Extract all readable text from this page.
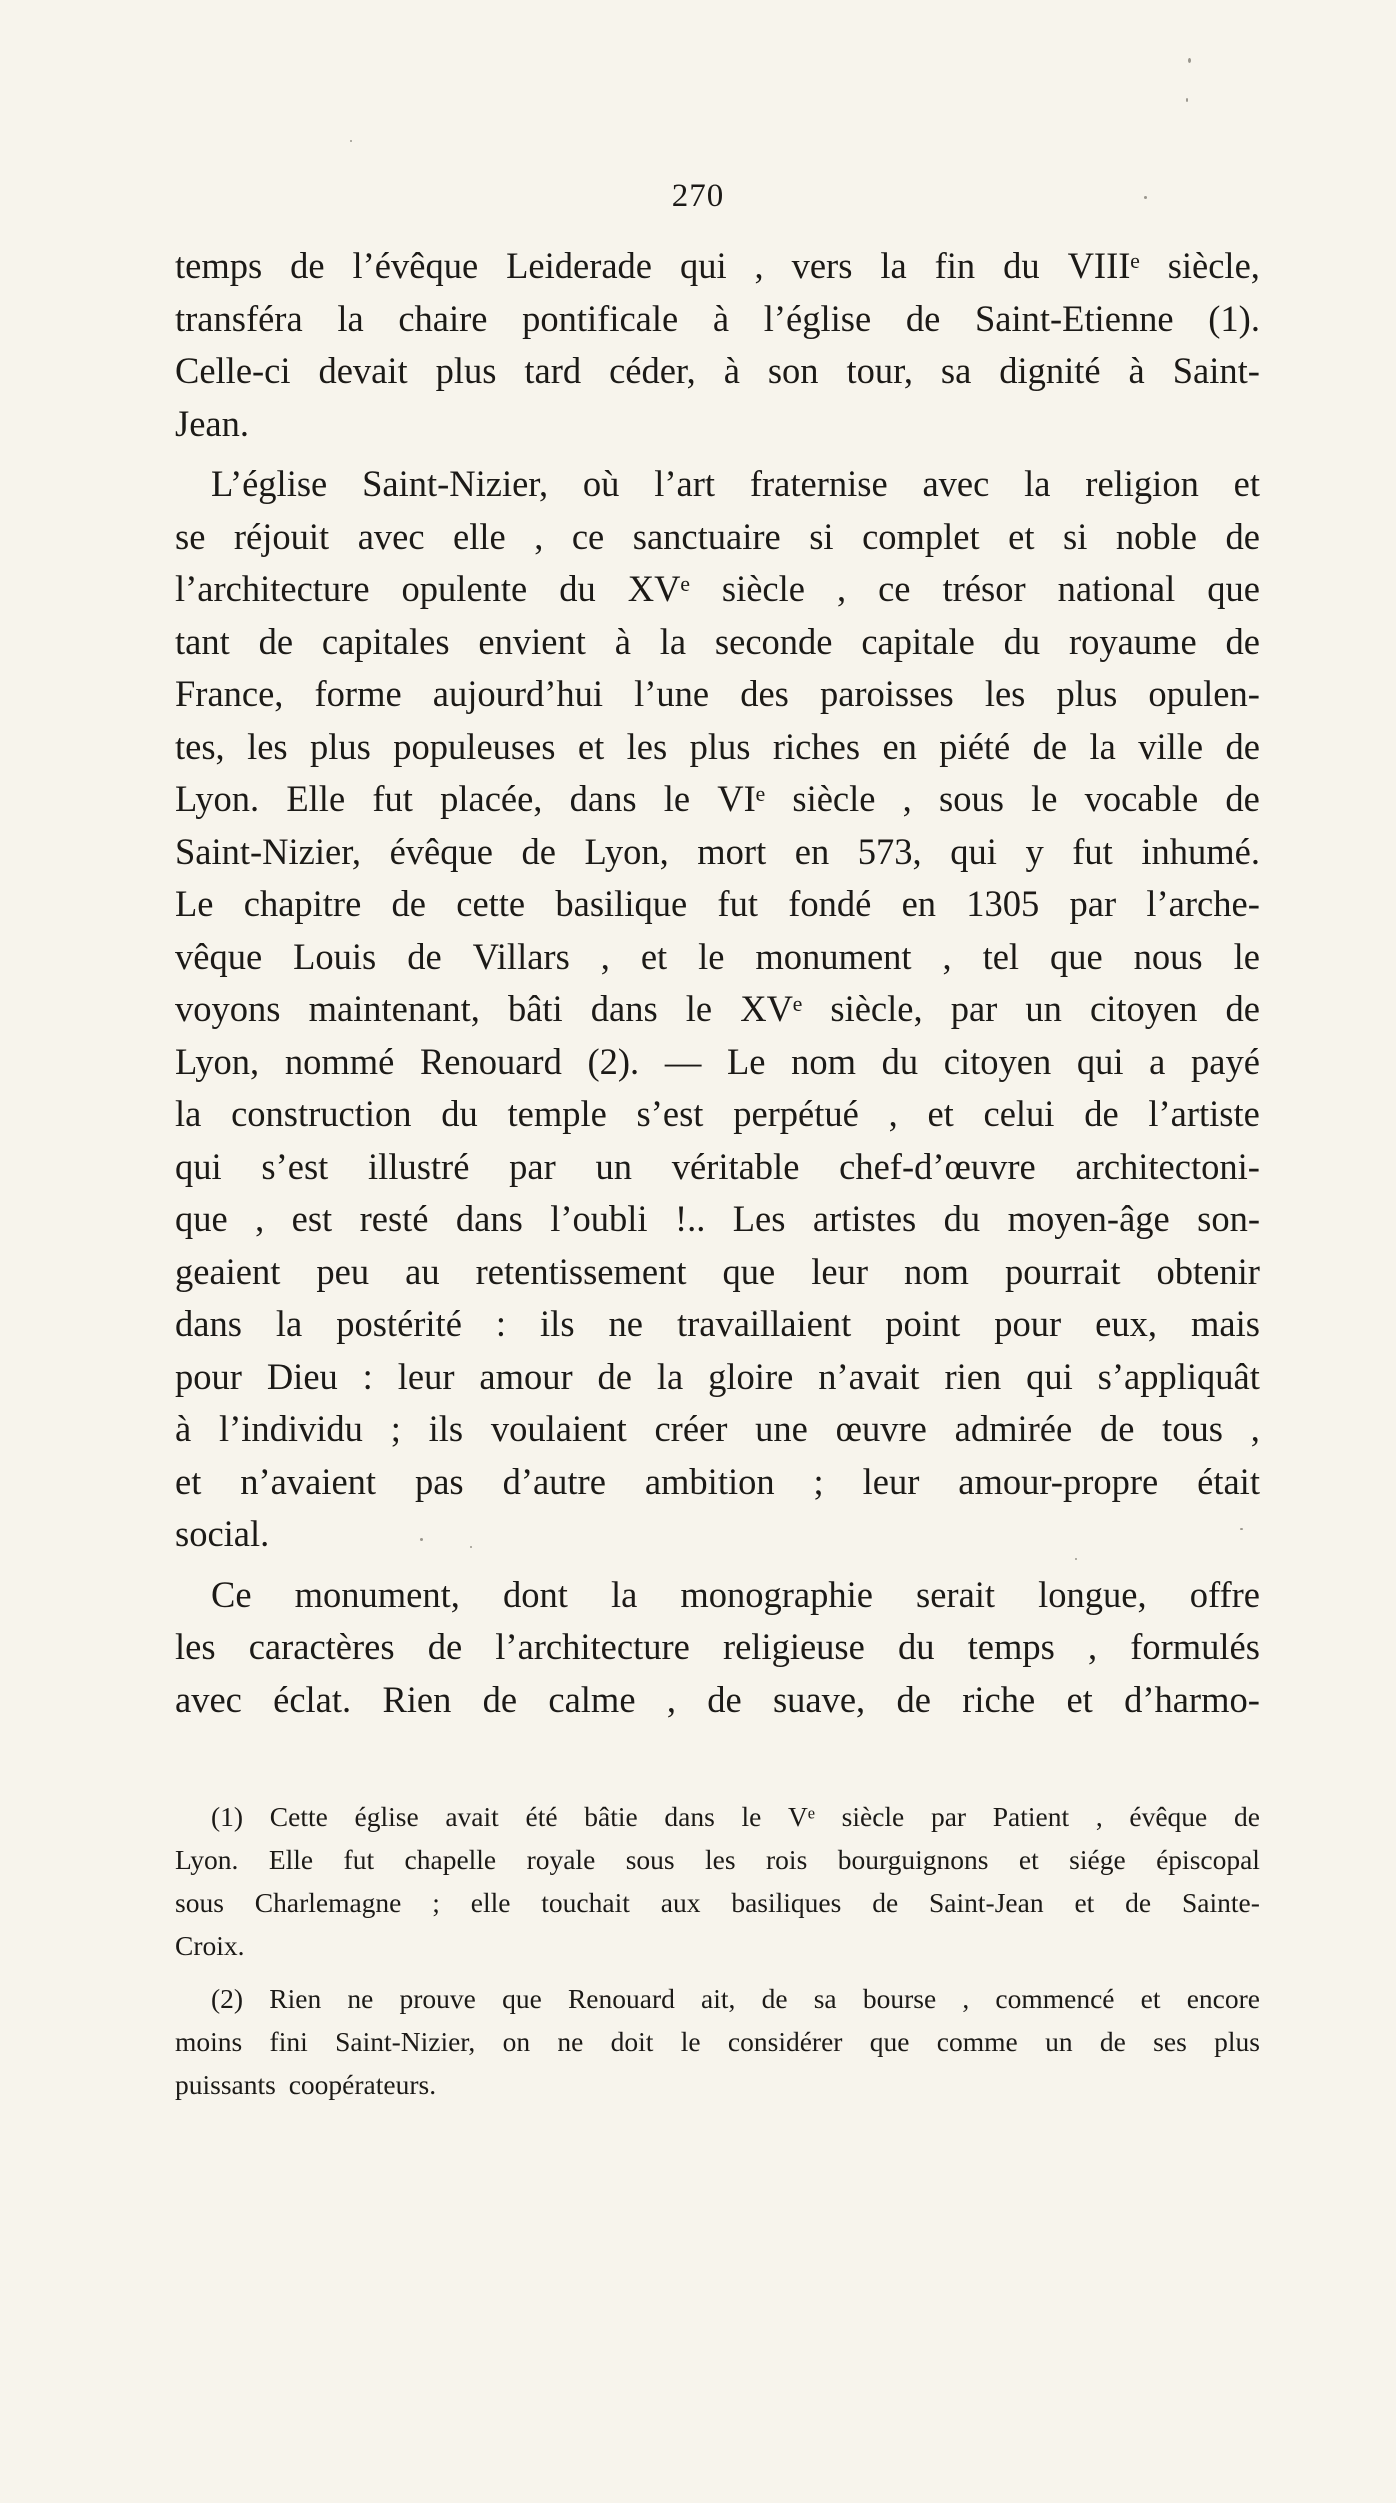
270
temps de l’évêque Leiderade qui , vers la fin du VIIIᵉ siècle,
transféra la chaire pontificale à l’église de Saint-Etienne (1).
Celle-ci devait plus tard céder, à son tour, sa dignité à Saint-
Jean.
L’église Saint-Nizier, où l’art fraternise avec la religion et
se réjouit avec elle , ce sanctuaire si complet et si noble de
l’architecture opulente du XVᵉ siècle , ce trésor national que
tant de capitales envient à la seconde capitale du royaume de
France, forme aujourd’hui l’une des paroisses les plus opulen-
tes, les plus populeuses et les plus riches en piété de la ville de
Lyon. Elle fut placée, dans le VIᵉ siècle , sous le vocable de
Saint-Nizier, évêque de Lyon, mort en 573, qui y fut inhumé.
Le chapitre de cette basilique fut fondé en 1305 par l’arche-
vêque Louis de Villars , et le monument , tel que nous le
voyons maintenant, bâti dans le XVᵉ siècle, par un citoyen de
Lyon, nommé Renouard (2). — Le nom du citoyen qui a payé
la construction du temple s’est perpétué , et celui de l’artiste
qui s’est illustré par un véritable chef-d’œuvre architectoni-
que , est resté dans l’oubli !.. Les artistes du moyen-âge son-
geaient peu au retentissement que leur nom pourrait obtenir
dans la postérité : ils ne travaillaient point pour eux, mais
pour Dieu : leur amour de la gloire n’avait rien qui s’appliquât
à l’individu ; ils voulaient créer une œuvre admirée de tous ,
et n’avaient pas d’autre ambition ; leur amour-propre était
social.
Ce monument, dont la monographie serait longue, offre
les caractères de l’architecture religieuse du temps , formulés
avec éclat. Rien de calme , de suave, de riche et d’harmo-
(1) Cette église avait été bâtie dans le Vᵉ siècle par Patient , évêque de
Lyon. Elle fut chapelle royale sous les rois bourguignons et siége épiscopal
sous Charlemagne ; elle touchait aux basiliques de Saint-Jean et de Sainte-
Croix.
(2) Rien ne prouve que Renouard ait, de sa bourse , commencé et encore
moins fini Saint-Nizier, on ne doit le considérer que comme un de ses plus
puissants coopérateurs.
